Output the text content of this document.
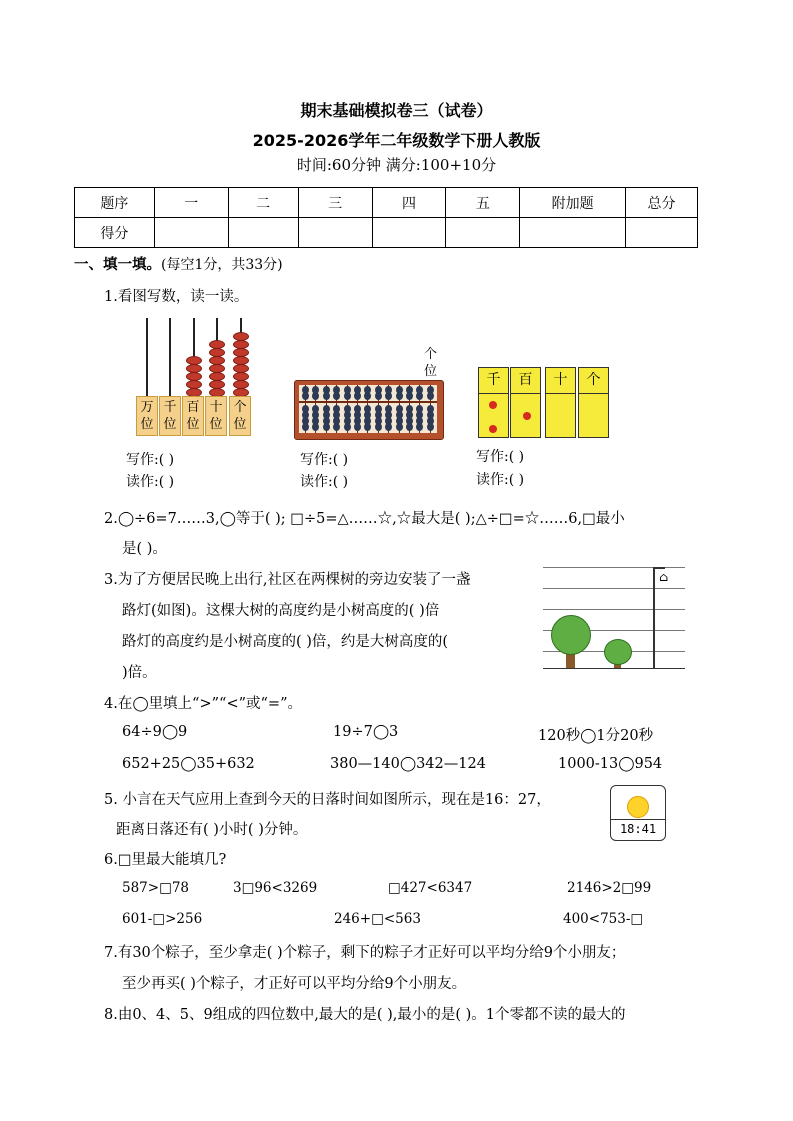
期末基础模拟卷三（试卷）
2025-2026学年二年级数学下册人教版
时间:60分钟 满分:100+10分
题序	一	二	三	四	五	附加题	总分
得分							
一、填一填。(每空1分，共33分)
1.看图写数，读一读。
万位
千位
百位
十位
个位
个位
千	百	十	个
写作:( )
读作:( )
写作:( )
读作:( )
写作:( )
读作:( )
2.◯÷6=7……3,◯等于( ); □÷5=△……☆,☆最大是( );△÷□=☆……6,□最小
是( )。
3.为了方便居民晚上出行,社区在两棵树的旁边安装了一盏
路灯(如图)。这棵大树的高度约是小树高度的( )倍
路灯的高度约是小树高度的( )倍，约是大树高度的(
)倍。
⌂
4.在◯里填上“>”“<”或“=”。
64÷9◯9	19÷7◯3	120秒◯1分20秒
652+25◯35+632	380—140◯342—124	1000-13◯954
5. 小言在天气应用上查到今天的日落时间如图所示，现在是16：27，
距离日落还有( )小时( )分钟。	18:41
6.□里最大能填几?
587>□78	3□96<3269	□427<6347	2146>2□99
601-□>256	246+□<563	400<753-□
7.有30个粽子，至少拿走( )个粽子，剩下的粽子才正好可以平均分给9个小朋友；
至少再买( )个粽子，才正好可以平均分给9个小朋友。
8.由0、4、5、9组成的四位数中,最大的是( ),最小的是( )。1个零都不读的最大的
